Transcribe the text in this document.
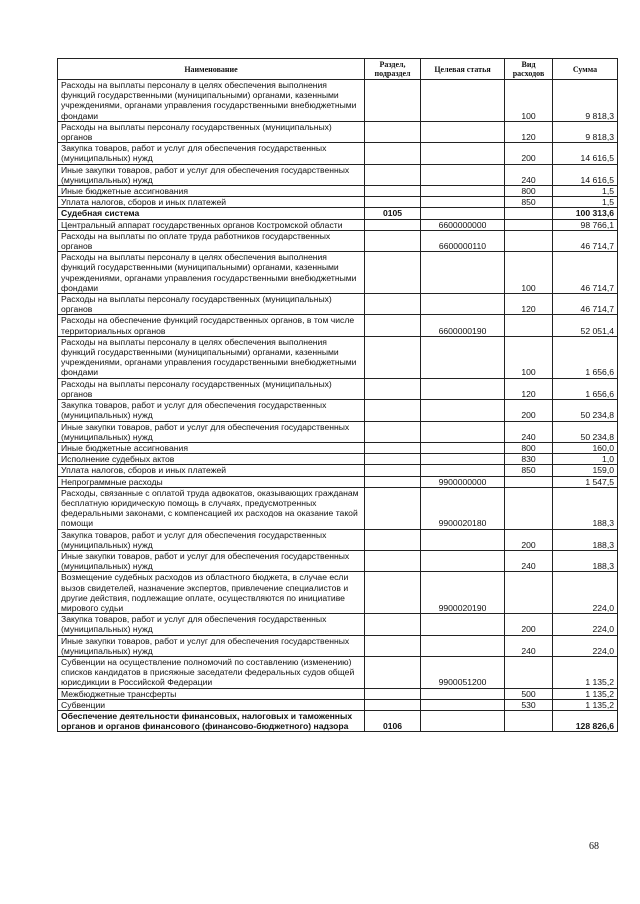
Наименование	Раздел, подраздел	Целевая статья	Вид расходов	Сумма
Расходы на выплаты персоналу в целях обеспечения выполнения функций государственными (муниципальными) органами, казенными учреждениями, органами управления государственными внебюджетными фондами			100	9 818,3
Расходы на выплаты персоналу государственных (муниципальных) органов			120	9 818,3
Закупка товаров, работ и услуг для обеспечения государственных (муниципальных) нужд			200	14 616,5
Иные закупки товаров, работ и услуг для обеспечения государственных (муниципальных) нужд			240	14 616,5
Иные бюджетные ассигнования			800	1,5
Уплата налогов, сборов и иных платежей			850	1,5
Судебная система	0105			100 313,6
Центральный аппарат государственных органов Костромской области		6600000000		98 766,1
Расходы на выплаты по оплате труда работников государственных органов		6600000110		46 714,7
Расходы на выплаты персоналу в целях обеспечения выполнения функций государственными (муниципальными) органами, казенными учреждениями, органами управления государственными внебюджетными фондами			100	46 714,7
Расходы на выплаты персоналу государственных (муниципальных) органов			120	46 714,7
Расходы на обеспечение функций государственных органов, в том числе территориальных органов		6600000190		52 051,4
Расходы на выплаты персоналу в целях обеспечения выполнения функций государственными (муниципальными) органами, казенными учреждениями, органами управления государственными внебюджетными фондами			100	1 656,6
Расходы на выплаты персоналу государственных (муниципальных) органов			120	1 656,6
Закупка товаров, работ и услуг для обеспечения государственных (муниципальных) нужд			200	50 234,8
Иные закупки товаров, работ и услуг для обеспечения государственных (муниципальных) нужд			240	50 234,8
Иные бюджетные ассигнования			800	160,0
Исполнение судебных актов			830	1,0
Уплата налогов, сборов и иных платежей			850	159,0
Непрограммные расходы		9900000000		1 547,5
Расходы, связанные с оплатой труда адвокатов, оказывающих гражданам бесплатную юридическую помощь в случаях, предусмотренных федеральными законами, с компенсацией их расходов на оказание такой помощи		9900020180		188,3
Закупка товаров, работ и услуг для обеспечения государственных (муниципальных) нужд			200	188,3
Иные закупки товаров, работ и услуг для обеспечения государственных (муниципальных) нужд			240	188,3
Возмещение судебных расходов из областного бюджета, в случае если вызов свидетелей, назначение экспертов, привлечение специалистов и другие действия, подлежащие оплате, осуществляются по инициативе мирового судьи		9900020190		224,0
Закупка товаров, работ и услуг для обеспечения государственных (муниципальных) нужд			200	224,0
Иные закупки товаров, работ и услуг для обеспечения государственных (муниципальных) нужд			240	224,0
Субвенции на осуществление полномочий по составлению (изменению) списков кандидатов в присяжные заседатели федеральных судов общей юрисдикции в Российской Федерации		9900051200		1 135,2
Межбюджетные трансферты			500	1 135,2
Субвенции			530	1 135,2
Обеспечение деятельности финансовых, налоговых и таможенных органов и органов финансового (финансово-бюджетного) надзора	0106			128 826,6
68
